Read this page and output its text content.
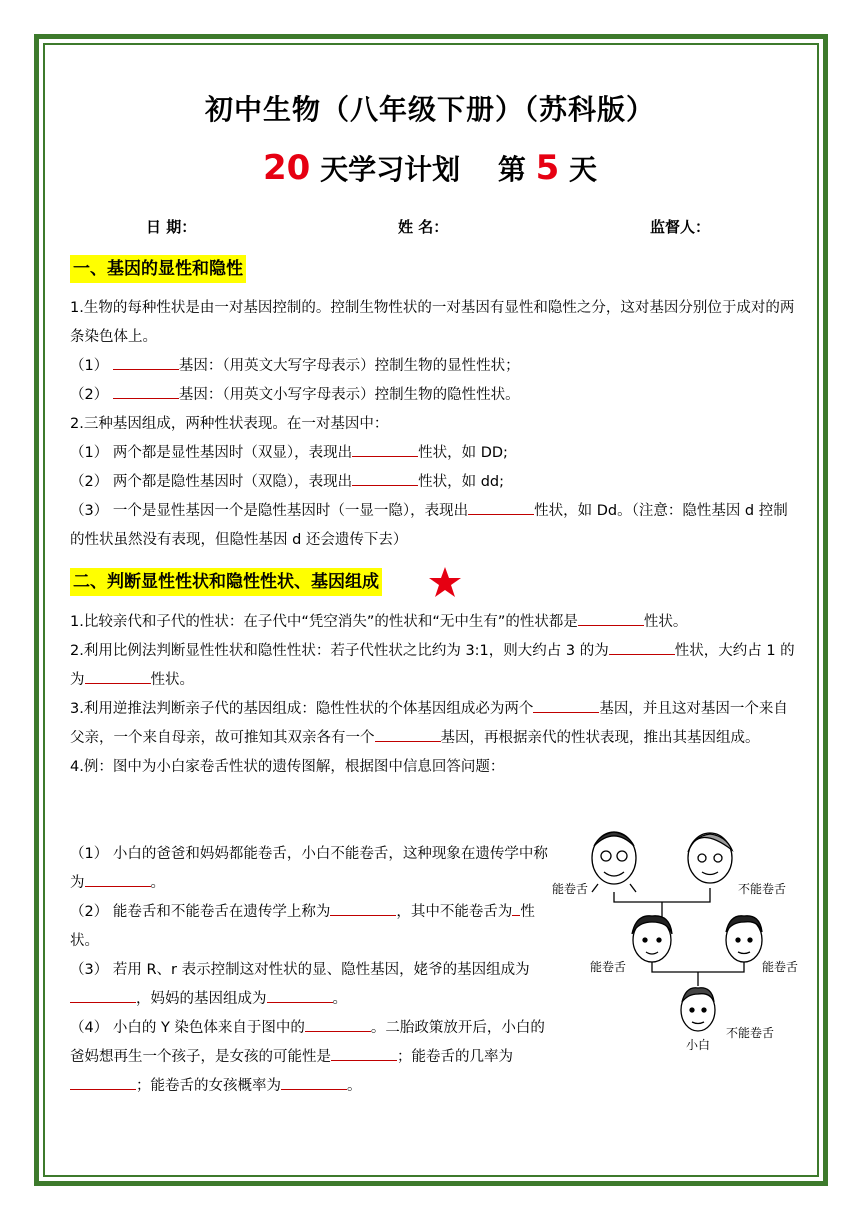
初中生物（八年级下册）（苏科版）
20 天学习计划　 第 5 天
日 期：	姓 名：	监督人：
一、基因的显性和隐性

1.生物的每种性状是由一对基因控制的。控制生物性状的一对基因有显性和隐性之分，这对基因分别位于成对的两条染色体上。

（1）	基因：（用英文大写字母表示）控制生物的显性性状；

（2）	基因：（用英文小写字母表示）控制生物的隐性性状。

2.三种基因组成，两种性状表现。在一对基因中：

（1） 两个都是显性基因时（双显），表现出	性状，如 DD;

（2） 两个都是隐性基因时（双隐），表现出	性状，如 dd;

（3） 一个是显性基因一个是隐性基因时（一显一隐），表现出	性状，如 Dd。（注意：隐性基因 d 控制的性状虽然没有表现，但隐性基因 d 还会遗传下去）

二、判断显性性状和隐性性状、基因组成

1.比较亲代和子代的性状：在子代中“凭空消失”的性状和“无中生有”的性状都是	性状。

2.利用比例法判断显性性状和隐性性状：若子代性状之比约为 3:1，则大约占 3 的为	性状，大约占 1 的为	性状。

3.利用逆推法判断亲子代的基因组成：隐性性状的个体基因组成必为两个	基因，并且这对基因一个来自父亲，一个来自母亲，故可推知其双亲各有一个	基因，再根据亲代的性状表现，推出其基因组成。

4.例：图中为小白家卷舌性状的遗传图解，根据图中信息回答问题：

（1） 小白的爸爸和妈妈都能卷舌，小白不能卷舌，这种现象在遗传学中称为	。

（2） 能卷舌和不能卷舌在遗传学上称为	，其中不能卷舌为 性状。

（3） 若用 R、r 表示控制这对性状的显、隐性基因，姥爷的基因组成为，妈妈的基因组成为	。

（4） 小白的 Y 染色体来自于图中的	。二胎政策放开后，小白的爸妈想再生一个孩子，是女孩的可能性是	；能卷舌的几率为；能卷舌的女孩概率为	。

能卷舌	不能卷舌
能卷舌	能卷舌
不能卷舌
小白
